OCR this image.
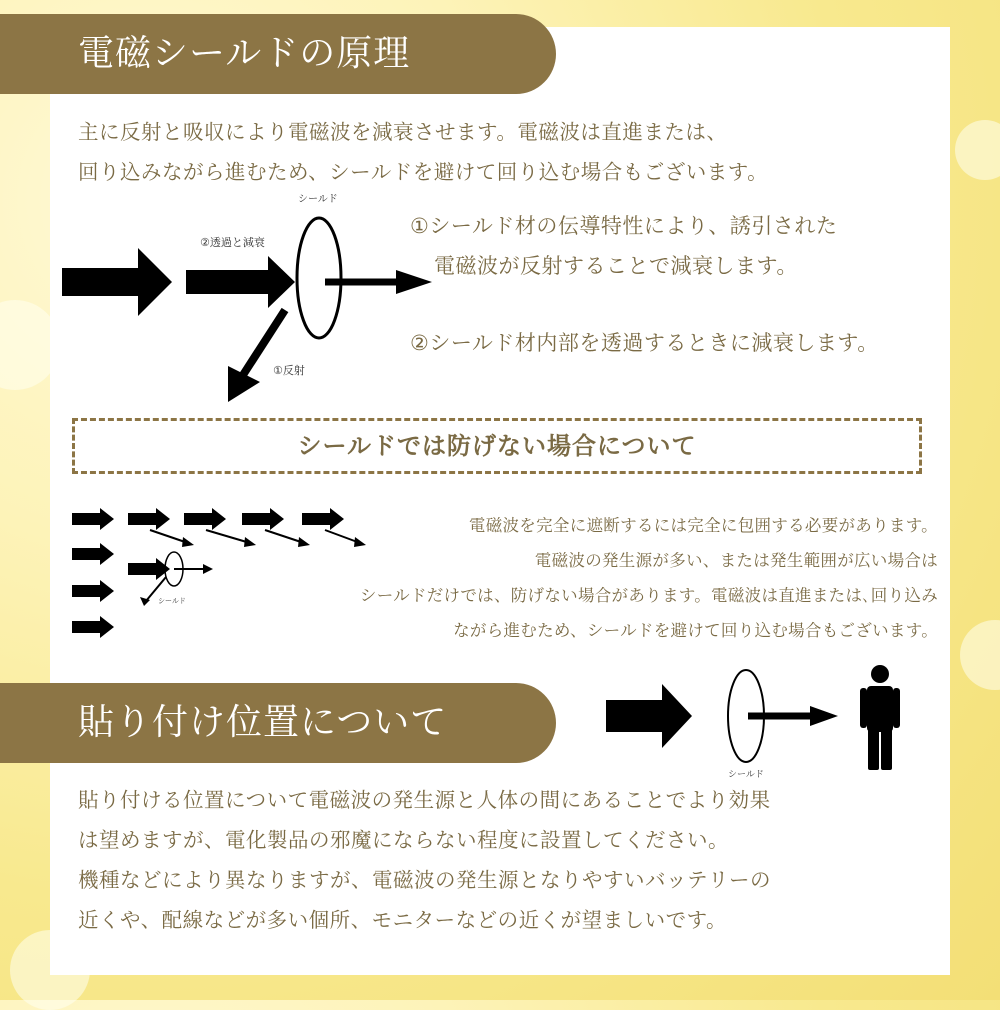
電磁シールドの原理
主に反射と吸収により電磁波を減衰させます。電磁波は直進または、
回り込みながら進むため、シールドを避けて回り込む場合もございます。
シールド
②透過と減衰
①反射
①シールド材の伝導特性により、誘引された
電磁波が反射することで減衰します。
②シールド材内部を透過するときに減衰します。
シールドでは防げない場合について
シールド
電磁波を完全に遮断するには完全に包囲する必要があります。
電磁波の発生源が多い、または発生範囲が広い場合は
シールドだけでは、防げない場合があります。電磁波は直進または､回り込み
ながら進むため、シールドを避けて回り込む場合もございます。
貼り付け位置について
シールド
貼り付ける位置について電磁波の発生源と人体の間にあることでより効果
は望めますが、電化製品の邪魔にならない程度に設置してください。
機種などにより異なりますが、電磁波の発生源となりやすいバッテリーの
近くや、配線などが多い個所、モニターなどの近くが望ましいです。
